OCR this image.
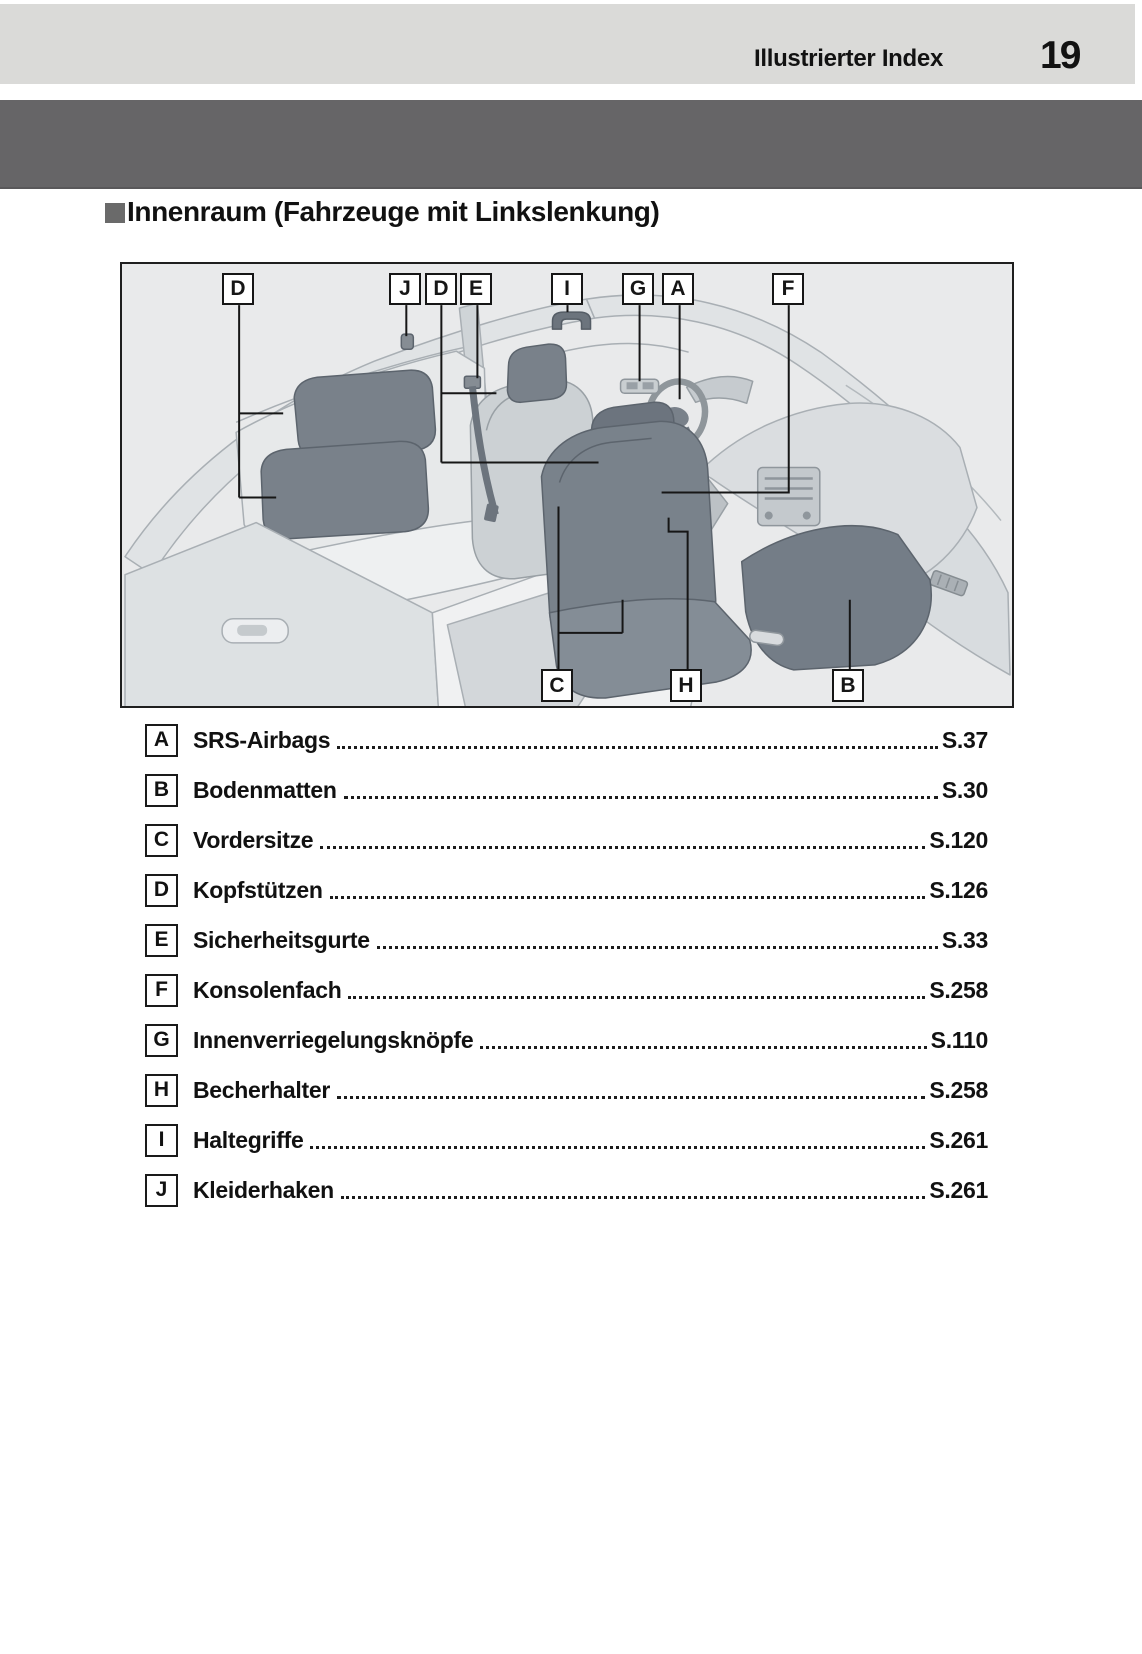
Illustrierter Index 19
Innenraum (Fahrzeuge mit Linkslenkung)
D	J	D E	I	G	A	F
C	H	B
A	SRS-Airbags	S.37
B	Bodenmatten	S.30
C	Vordersitze	S.120
D	Kopfstützen	S.126
E	Sicherheitsgurte	S.33
F	Konsolenfach	S.258
G	Innenverriegelungsknöpfe	S.110
H	Becherhalter	S.258
I	Haltegriffe	S.261
J	Kleiderhaken	S.261
